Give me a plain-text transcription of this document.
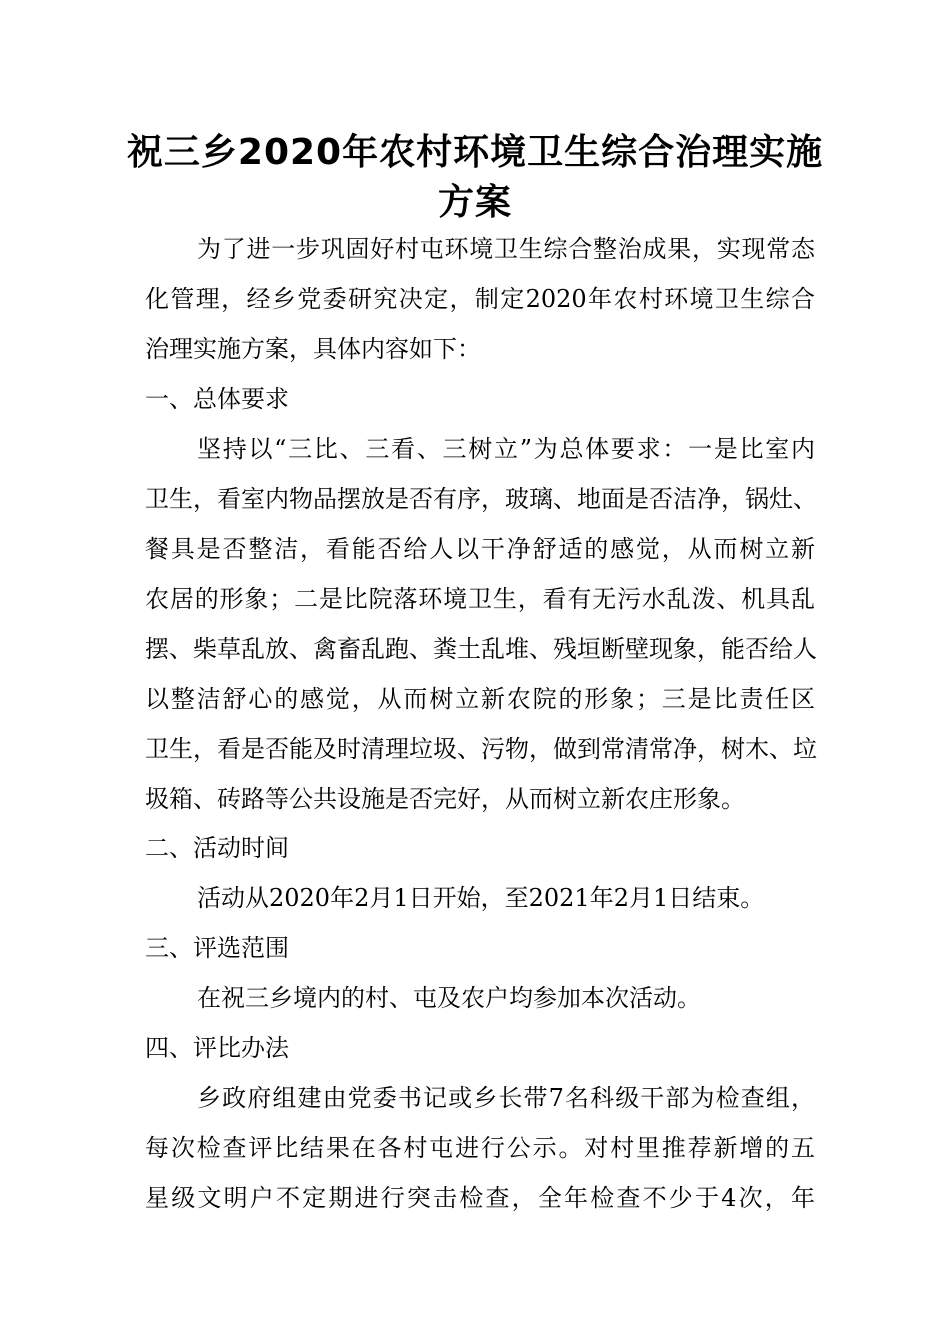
祝三乡2020年农村环境卫生综合治理实施
方案
为了进一步巩固好村屯环境卫生综合整治成果，实现常态
化管理，经乡党委研究决定，制定2020年农村环境卫生综合
治理实施方案，具体内容如下：
一、总体要求
坚持以“三比、三看、三树立”为总体要求：一是比室内
卫生，看室内物品摆放是否有序，玻璃、地面是否洁净，锅灶、
餐具是否整洁，看能否给人以干净舒适的感觉，从而树立新
农居的形象；二是比院落环境卫生，看有无污水乱泼、机具乱
摆、柴草乱放、禽畜乱跑、粪土乱堆、残垣断壁现象，能否给人
以整洁舒心的感觉，从而树立新农院的形象；三是比责任区
卫生，看是否能及时清理垃圾、污物，做到常清常净，树木、垃
圾箱、砖路等公共设施是否完好，从而树立新农庄形象。
二、活动时间
活动从2020年2月1日开始，至2021年2月1日结束。
三、评选范围
在祝三乡境内的村、屯及农户均参加本次活动。
四、评比办法
乡政府组建由党委书记或乡长带7名科级干部为检查组，
每次检查评比结果在各村屯进行公示。对村里推荐新增的五
星级文明户不定期进行突击检查，全年检查不少于4次，年
